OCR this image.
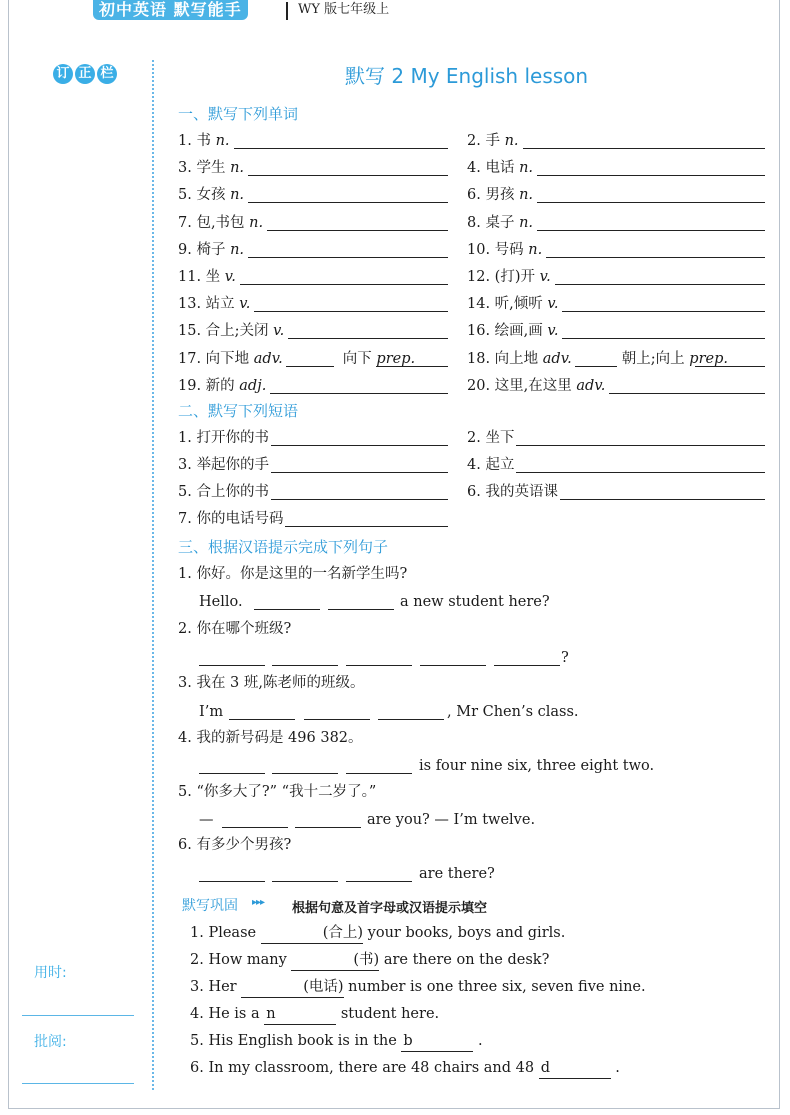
初中英语 默写能手	WY 版七年级上
订 正 栏
用时:
批阅:
默写 2 My English lesson
一、默写下列单词
1. 书 n.	2. 手 n.
3. 学生 n.	4. 电话 n.
5. 女孩 n.	6. 男孩 n.
7. 包,书包 n.	8. 桌子 n.
9. 椅子 n.	10. 号码 n.
11. 坐 v.	12. (打)开 v.
13. 站立 v.	14. 听,倾听 v.
15. 合上;关闭 v.	16. 绘画,画 v.
17. 向下地 adv.	向下 prep.	18. 向上地 adv.	朝上;向上 prep.
19. 新的 adj.	20. 这里,在这里 adv.
二、默写下列短语
1. 打开你的书	2. 坐下
3. 举起你的手	4. 起立
5. 合上你的书	6. 我的英语课
7. 你的电话号码
三、根据汉语提示完成下列句子
1. 你好。你是这里的一名新学生吗?
Hello.	a new student here?
2. 你在哪个班级?
?
3. 我在 3 班,陈老师的班级。
I’m	, Mr Chen’s class.
4. 我的新号码是 496 382。
is four nine six, three eight two.
5. “你多大了?” “我十二岁了。”
—	are you? — I’m twelve.
6. 有多少个男孩?
are there?
默写巩固 ▸▸▸ 根据句意及首字母或汉语提示填空
1. Please	(合上) your books, boys and girls.
2. How many	(书) are there on the desk?
3. Her	(电话) number is one three six, seven five nine.
4. He is a n	student here.
5. His English book is in the b	.
6. In my classroom, there are 48 chairs and 48 d	.
